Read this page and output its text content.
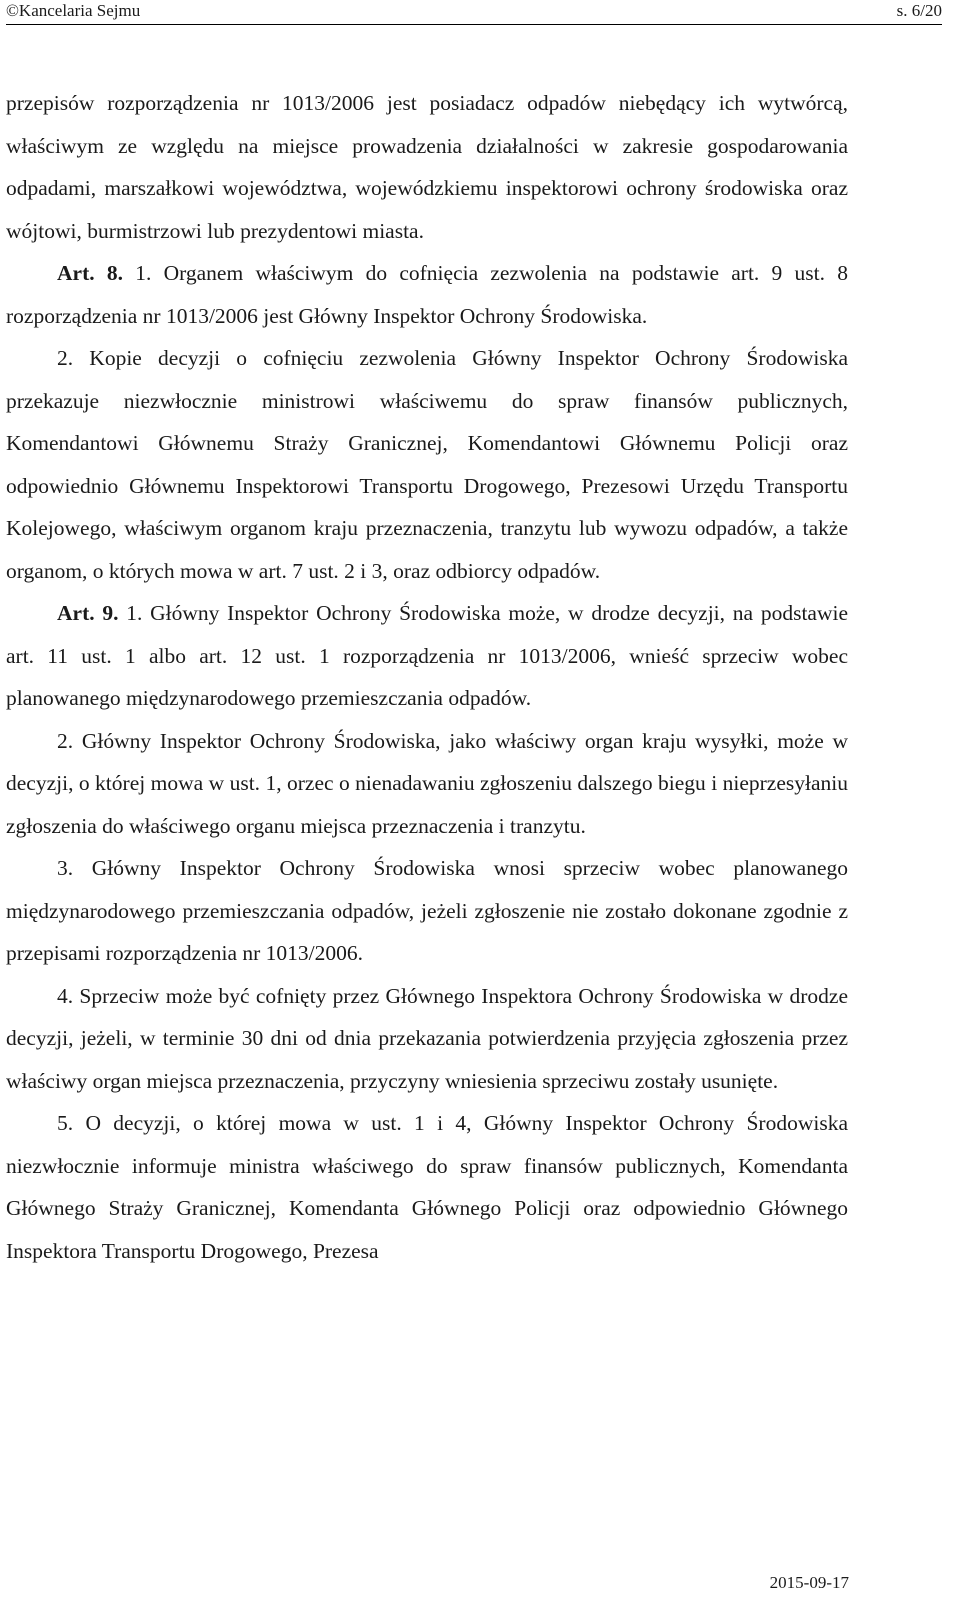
©Kancelaria Sejmu	s. 6/20

przepisów rozporządzenia nr 1013/2006 jest posiadacz odpadów niebędący ich wytwórcą, właściwym ze względu na miejsce prowadzenia działalności w zakresie gospodarowania odpadami, marszałkowi województwa, wojewódzkiemu inspektorowi ochrony środowiska oraz wójtowi, burmistrzowi lub prezydentowi miasta.

Art. 8. 1. Organem właściwym do cofnięcia zezwolenia na podstawie art. 9 ust. 8 rozporządzenia nr 1013/2006 jest Główny Inspektor Ochrony Środowiska.

2. Kopie decyzji o cofnięciu zezwolenia Główny Inspektor Ochrony Środowiska przekazuje niezwłocznie ministrowi właściwemu do spraw finansów publicznych, Komendantowi Głównemu Straży Granicznej, Komendantowi Głównemu Policji oraz odpowiednio Głównemu Inspektorowi Transportu Drogowego, Prezesowi Urzędu Transportu Kolejowego, właściwym organom kraju przeznaczenia, tranzytu lub wywozu odpadów, a także organom, o których mowa w art. 7 ust. 2 i 3, oraz odbiorcy odpadów.

Art. 9. 1. Główny Inspektor Ochrony Środowiska może, w drodze decyzji, na podstawie art. 11 ust. 1 albo art. 12 ust. 1 rozporządzenia nr 1013/2006, wnieść sprzeciw wobec planowanego międzynarodowego przemieszczania odpadów.

2. Główny Inspektor Ochrony Środowiska, jako właściwy organ kraju wysyłki, może w decyzji, o której mowa w ust. 1, orzec o nienadawaniu zgłoszeniu dalszego biegu i nieprzesyłaniu zgłoszenia do właściwego organu miejsca przeznaczenia i tranzytu.

3. Główny Inspektor Ochrony Środowiska wnosi sprzeciw wobec planowanego międzynarodowego przemieszczania odpadów, jeżeli zgłoszenie nie zostało dokonane zgodnie z przepisami rozporządzenia nr 1013/2006.

4. Sprzeciw może być cofnięty przez Głównego Inspektora Ochrony Środowiska w drodze decyzji, jeżeli, w terminie 30 dni od dnia przekazania potwierdzenia przyjęcia zgłoszenia przez właściwy organ miejsca przeznaczenia, przyczyny wniesienia sprzeciwu zostały usunięte.

5. O decyzji, o której mowa w ust. 1 i 4, Główny Inspektor Ochrony Środowiska niezwłocznie informuje ministra właściwego do spraw finansów publicznych, Komendanta Głównego Straży Granicznej, Komendanta Głównego Policji oraz odpowiednio Głównego Inspektora Transportu Drogowego, Prezesa

2015-09-17
